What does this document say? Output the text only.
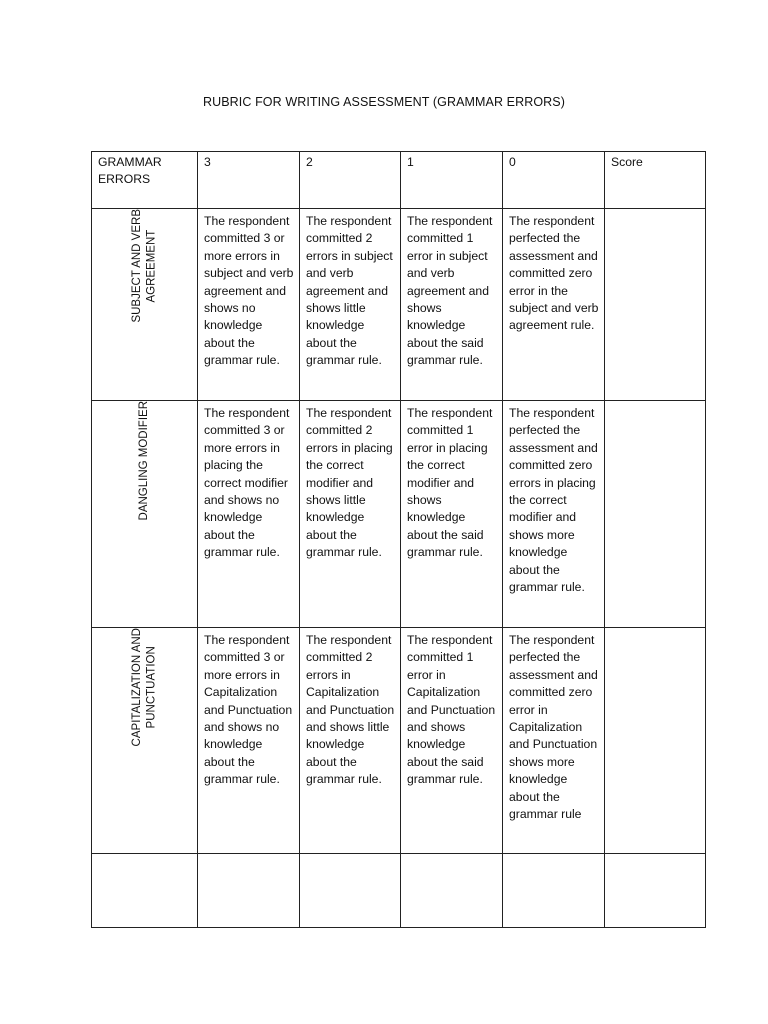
RUBRIC FOR WRITING ASSESSMENT (GRAMMAR ERRORS)
GRAMMAR ERRORS	3	2	1	0	Score
SUBJECT AND VERB
AGREEMENT	The respondent committed 3 or more errors in subject and verb agreement and shows no knowledge about the grammar rule.	The respondent committed 2 errors in subject and verb agreement and shows little knowledge about the grammar rule.	The respondent committed 1 error in subject and verb agreement and shows knowledge about the said grammar rule.	The respondent perfected the assessment and committed zero error in the subject and verb agreement rule.	
DANGLING MODIFIER	The respondent committed 3 or more errors in placing the correct modifier and shows no knowledge about the grammar rule.	The respondent committed 2 errors in placing the correct modifier and shows little knowledge about the grammar rule.	The respondent committed 1 error in placing the correct modifier and shows knowledge about the said grammar rule.	The respondent perfected the assessment and committed zero errors in placing the correct modifier and shows more knowledge about the grammar rule.	
CAPITALIZATION AND
PUNCTUATION	The respondent committed 3 or more errors in Capitalization and Punctuation and shows no knowledge about the grammar rule.	The respondent committed 2 errors in Capitalization and Punctuation and shows little knowledge about the grammar rule.	The respondent committed 1 error in Capitalization and Punctuation and shows knowledge about the said grammar rule.	The respondent perfected the assessment and committed zero error in Capitalization and Punctuation shows more knowledge about the grammar rule	
